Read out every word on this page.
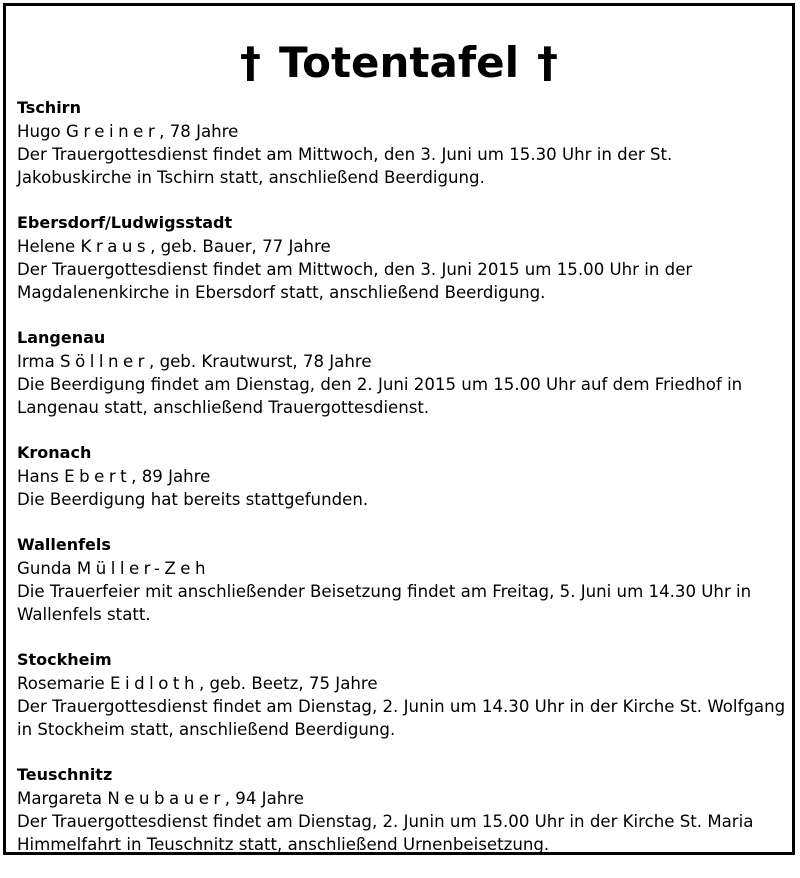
† Totentafel †
Tschirn
Hugo Greiner, 78 Jahre
Der Trauergottesdienst findet am Mittwoch, den 3. Juni um 15.30 Uhr in der St. Jakobuskirche in Tschirn statt, anschließend Beerdigung.
Ebersdorf/Ludwigsstadt
Helene Kraus, geb. Bauer, 77 Jahre
Der Trauergottesdienst findet am Mittwoch, den 3. Juni 2015 um 15.00 Uhr in der Magdalenenkirche in Ebersdorf statt, anschließend Beerdigung.
Langenau
Irma Söllner, geb. Krautwurst, 78 Jahre
Die Beerdigung findet am Dienstag, den 2. Juni 2015 um 15.00 Uhr auf dem Friedhof in Langenau statt, anschließend Trauergottesdienst.
Kronach
Hans Ebert, 89 Jahre
Die Beerdigung hat bereits stattgefunden.
Wallenfels
Gunda Müller-Zeh
Die Trauerfeier mit anschließender Beisetzung findet am Freitag, 5. Juni um 14.30 Uhr in Wallenfels statt.
Stockheim
Rosemarie Eidloth, geb. Beetz, 75 Jahre
Der Trauergottesdienst findet am Dienstag, 2. Junin um 14.30 Uhr in der Kirche St. Wolfgang in Stockheim statt, anschließend Beerdigung.
Teuschnitz
Margareta Neubauer, 94 Jahre
Der Trauergottesdienst findet am Dienstag, 2. Junin um 15.00 Uhr in der Kirche St. Maria Himmelfahrt in Teuschnitz statt, anschließend Urnenbeisetzung.
